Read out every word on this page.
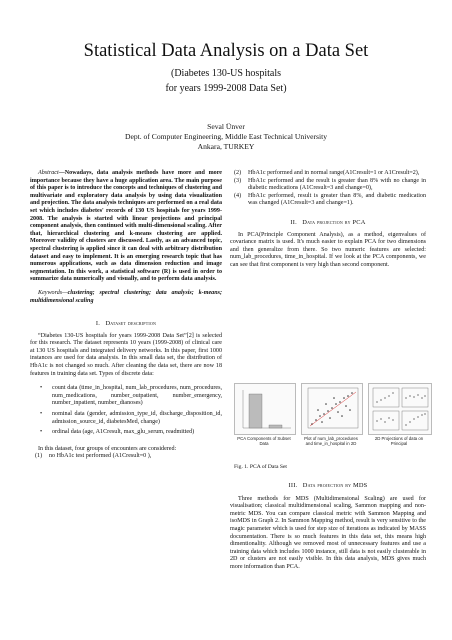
Statistical Data Analysis on a Data Set
(Diabetes 130-US hospitals
for years 1999-2008 Data Set)
Seval Ünver
Dept. of Computer Engineering, Middle East Technical University
Ankara, TURKEY

Abstract—Nowadays, data analysis methods have more and more importance because they have a huge application area. The main purpose of this paper is to introduce the concepts and techniques of clustering and multivariate and exploratory data analysis by using data visualization and projection. The data analysis techniques are performed on a real data set which includes diabetes' records of 130 US hospitals for years 1999-2008. The analysis is started with linear projections and principal component analysis, then continued with multi-dimensional scaling. After that, hierarchical clustering and k-means clustering are applied. Moreover validity of clusters are discussed. Lastly, as an advanced topic, spectral clustering is applied since it can deal with arbitrary distribution dataset and easy to implement. It is an emerging research topic that has numerous applications, such as data dimension reduction and image segmentation. In this work, a statistical software (R) is used in order to summarize data numerically and visually, and to perform data analysis.

Keywords—clustering; spectral clustering; data analysis; k-means; multidimensional scaling

I. Dataset description

“Diabetes 130-US hospitals for years 1999-2008 Data Set”[2] is selected for this research. The dataset represents 10 years (1999-2008) of clinical care at 130 US hospitals and integrated delivery networks. In this paper, first 1000 instances are used for data analysis. In this small data set, the distribution of HbA1c is not changed so much. After cleaning the data set, there are now 18 features in training data set. Types of discrete data:

• count data (time_in_hospital, num_lab_procedures, num_procedures, num_medications, number_outpatient, number_emergency, number_inpatient, number_dianoses)
• nominal data (gender, admission_type_id, discharge_disposition_id, admission_source_id, diabetesMed, change)
• ordinal data (age, A1Cresult, max_glu_serum, readmitted)

In this dataset, four groups of encounters are considered:

(1) no HbA1c test performed (A1Cresult=0 ),
(2) HbA1c performed and in normal range(A1Cresult=1 or A1Cresult=2),
(3) HbA1c performed and the result is greater than 8% with no change in diabetic medications (A1Cresult=3 and change=0),
(4) HbA1c performed, result is greater than 8%, and diabetic medication was changed (A1Cresult=3 and change=1).

II. Data projection by PCA

In PCA(Principle Component Analysis), as a method, eigenvalues of covariance matrix is used. It's much easier to explain PCA for two dimensions and then generalize from there. So two numeric features are selected: num_lab_procedures, time_in_hospital. If we look at the PCA components, we can see that first component is very high than second component.

PCA Components of Subset Data
Plot of num_lab_procedures and time_in_hospital in 2D
2D Projections of data on Principal
Fig. 1. PCA of Data Set

III. Data projection by MDS

Three methods for MDS (Multidimensional Scaling) are used for visualisation; classical multidimensional scaling, Sammon mapping and non-metric MDS. You can compare classical metric with Sammon Mapping and isoMDS in Graph 2. In Sammon Mapping method, result is very sensitive to the magic parameter which is used for step size of iterations as indicated by MASS documentation. There is so much features in this data set, this means high dimentionality. Although we removed most of unnecessary features and use a training data which includes 1000 instance, still data is not easily clusterable in 2D or clusters are not easily visible. In this data analysis, MDS gives much more information than PCA.
